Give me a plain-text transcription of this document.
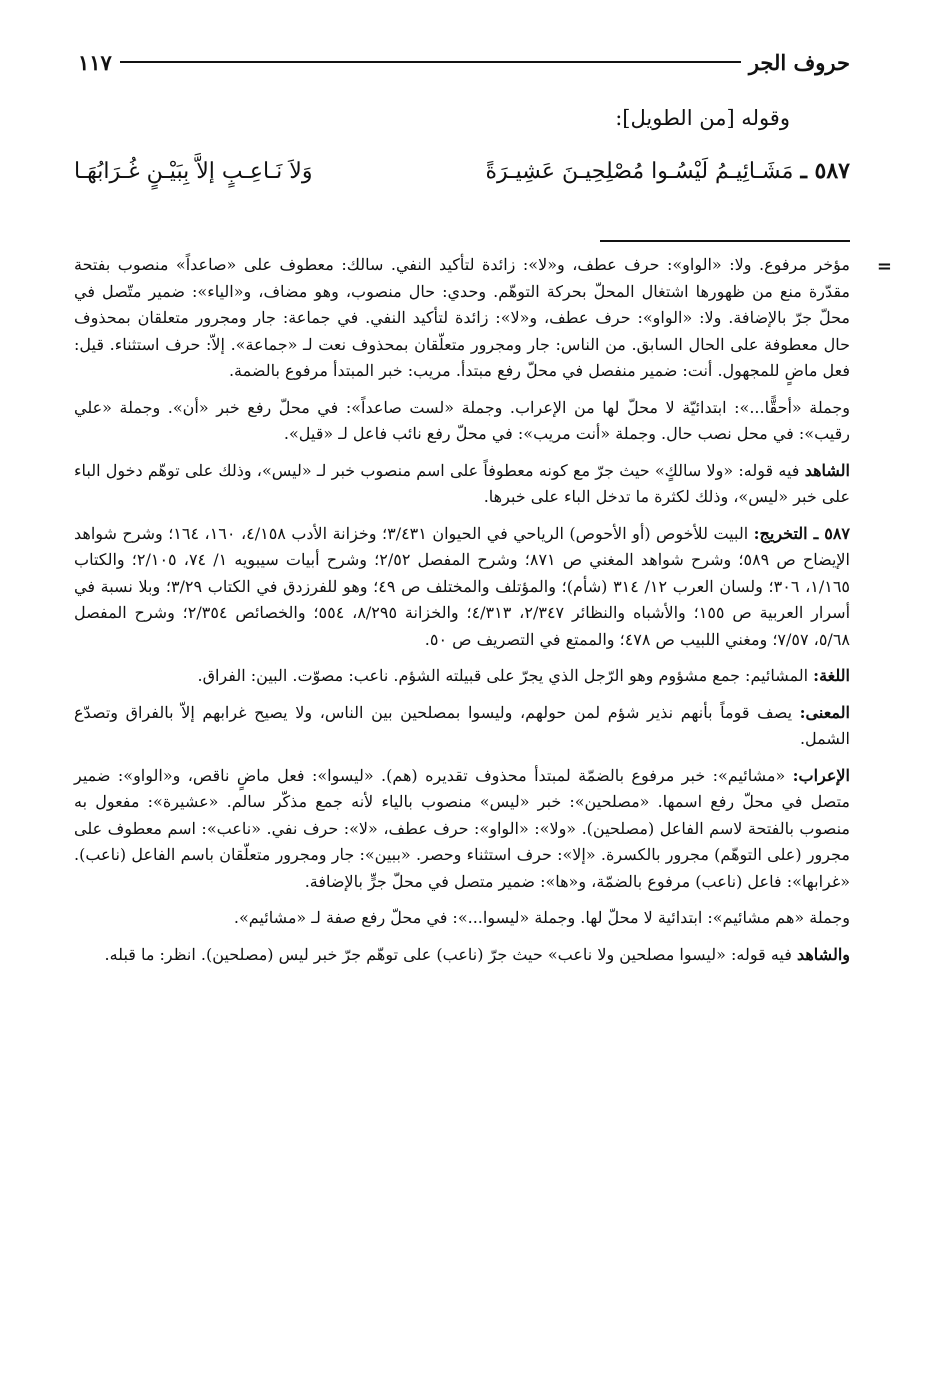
حروف الجر
١١٧
وقوله [من الطويل]:
٥٨٧ ـ مَشَـائِيـمُ لَيْسُـوا مُصْلِحِيـنَ عَشِيـرَةً
وَلاَ نَـاعِـبٍ إلاَّ بِبَيْـنٍ غُـرَابُهَـا
=

مؤخر مرفوع. ولا: «الواو»: حرف عطف، و«لا»: زائدة لتأكيد النفي. سالك: معطوف على «صاعداً» منصوب بفتحة مقدّرة منع من ظهورها اشتغال المحلّ بحركة التوهّم. وحدي: حال منصوب، وهو مضاف، و«الياء»: ضمير متّصل في محلّ جرّ بالإضافة. ولا: «الواو»: حرف عطف، و«لا»: زائدة لتأكيد النفي. في جماعة: جار ومجرور متعلقان بمحذوف حال معطوفة على الحال السابق. من الناس: جار ومجرور متعلّقان بمحذوف نعت لـ «جماعة». إلاّ: حرف استثناء. قيل: فعل ماضٍ للمجهول. أنت: ضمير منفصل في محلّ رفع مبتدأ. مريب: خبر المبتدأ مرفوع بالضمة.

وجملة «أحقًّا...»: ابتدائيّة لا محلّ لها من الإعراب. وجملة «لست صاعداً»: في محلّ رفع خبر «أن». وجملة «علي رقيب»: في محل نصب حال. وجملة «أنت مريب»: في محلّ رفع نائب فاعل لـ «قيل».

الشاهد فيه قوله: «ولا سالكٍ» حيث جرّ مع كونه معطوفاً على اسم منصوب خبر لـ «ليس»، وذلك على توهّم دخول الباء على خبر «ليس»، وذلك لكثرة ما تدخل الباء على خبرها.

٥٨٧ ـ التخريج: البيت للأخوص (أو الأحوص) الرياحي في الحيوان ٣/٤٣١؛ وخزانة الأدب ٤/١٥٨، ١٦٠، ١٦٤؛ وشرح شواهد الإيضاح ص ٥٨٩؛ وشرح شواهد المغني ص ٨٧١؛ وشرح المفصل ٢/٥٢؛ وشرح أبيات سيبويه ١/ ٧٤، ٢/١٠٥؛ والكتاب ١/١٦٥، ٣٠٦؛ ولسان العرب ١٢/ ٣١٤ (شأم)؛ والمؤتلف والمختلف ص ٤٩؛ وهو للفرزدق في الكتاب ٣/٢٩؛ وبلا نسبة في أسرار العربية ص ١٥٥؛ والأشباه والنظائر ٢/٣٤٧، ٤/٣١٣؛ والخزانة ٨/٢٩٥، ٥٥٤؛ والخصائص ٢/٣٥٤؛ وشرح المفصل ٥/٦٨، ٧/٥٧؛ ومغني اللبيب ص ٤٧٨؛ والممتع في التصريف ص ٥٠.

اللغة: المشائيم: جمع مشؤوم وهو الرّجل الذي يجرّ على قبيلته الشؤم. ناعب: مصوّت. البين: الفراق.

المعنى: يصف قوماً بأنهم نذير شؤم لمن حولهم، وليسوا بمصلحين بين الناس، ولا يصيح غرابهم إلاّ بالفراق وتصدّع الشمل.

الإعراب: «مشائيم»: خبر مرفوع بالضمّة لمبتدأ محذوف تقديره (هم). «ليسوا»: فعل ماضٍ ناقص، و«الواو»: ضمير متصل في محلّ رفع اسمها. «مصلحين»: خبر «ليس» منصوب بالياء لأنه جمع مذكّر سالم. «عشيرة»: مفعول به منصوب بالفتحة لاسم الفاعل (مصلحين). «ولا»: «الواو»: حرف عطف، «لا»: حرف نفي. «ناعب»: اسم معطوف على مجرور (على التوهّم) مجرور بالكسرة. «إلا»: حرف استثناء وحصر. «ببين»: جار ومجرور متعلّقان باسم الفاعل (ناعب). «غرابها»: فاعل (ناعب) مرفوع بالضمّة، و«ها»: ضمير متصل في محلّ جرٍّ بالإضافة.

وجملة «هم مشائيم»: ابتدائية لا محلّ لها. وجملة «ليسوا...»: في محلّ رفع صفة لـ «مشائيم».

والشاهد فيه قوله: «ليسوا مصلحين ولا ناعب» حيث جرّ (ناعب) على توهّم جرّ خبر ليس (مصلحين). انظر: ما قبله.
